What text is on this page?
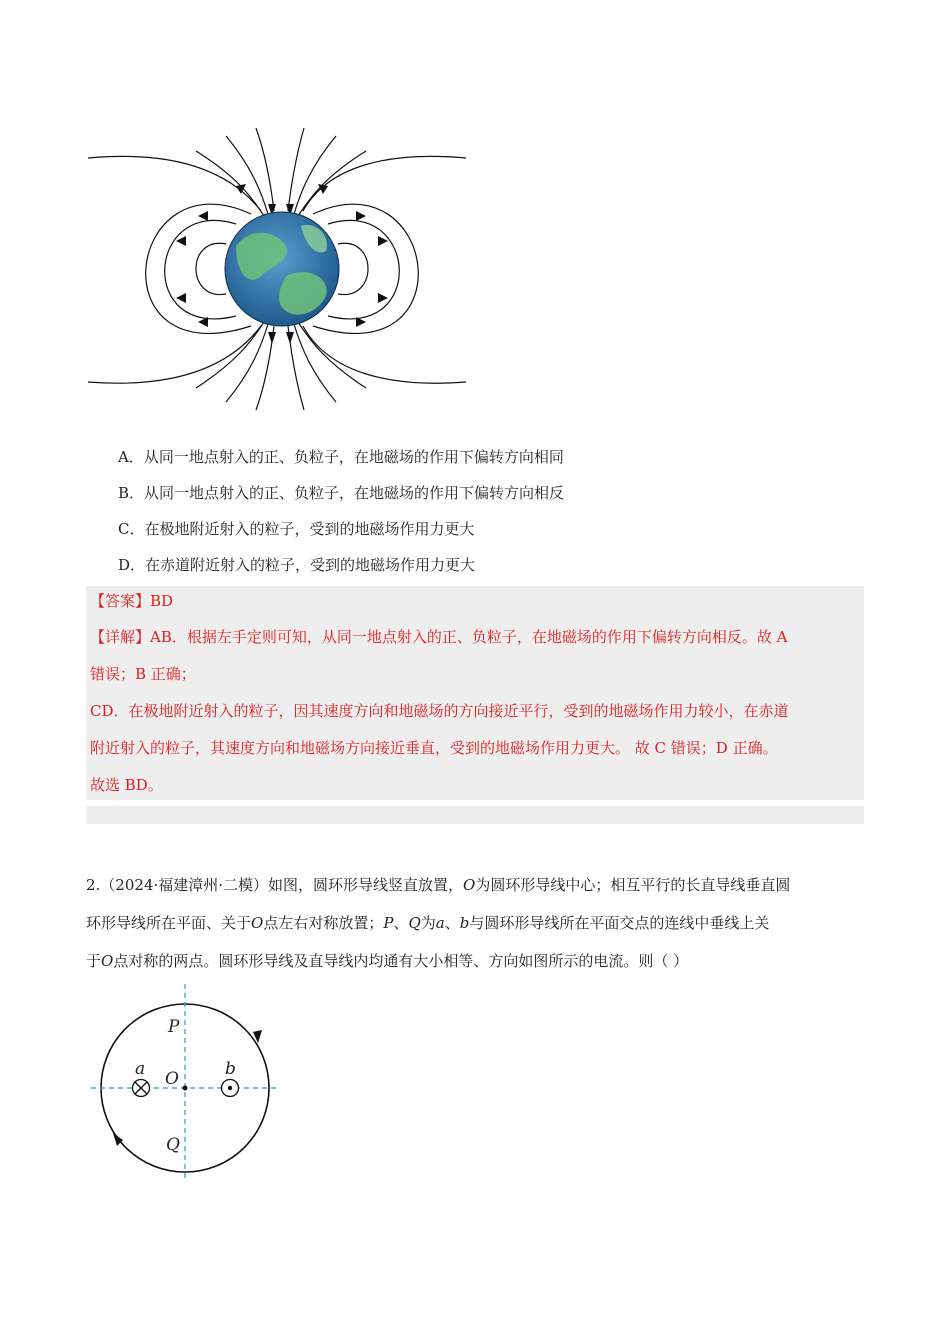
A．从同一地点射入的正、负粒子，在地磁场的作用下偏转方向相同
B．从同一地点射入的正、负粒子，在地磁场的作用下偏转方向相反
C．在极地附近射入的粒子，受到的地磁场作用力更大
D．在赤道附近射入的粒子，受到的地磁场作用力更大
【答案】BD
【详解】AB．根据左手定则可知，从同一地点射入的正、负粒子，在地磁场的作用下偏转方向相反。故 A
错误；B 正确；
CD．在极地附近射入的粒子，因其速度方向和地磁场的方向接近平行，受到的地磁场作用力较小，在赤道
附近射入的粒子，其速度方向和地磁场方向接近垂直，受到的地磁场作用力更大。 故 C 错误；D 正确。
故选 BD。
2.（2024·福建漳州·二模）如图，圆环形导线竖直放置，O为圆环形导线中心；相互平行的长直导线垂直圆
环形导线所在平面、关于O点左右对称放置；P、Q为a、b与圆环形导线所在平面交点的连线中垂线上关
于O点对称的两点。圆环形导线及直导线内均通有大小相等、方向如图所示的电流。则（ ）
P
O
Q
a	b
